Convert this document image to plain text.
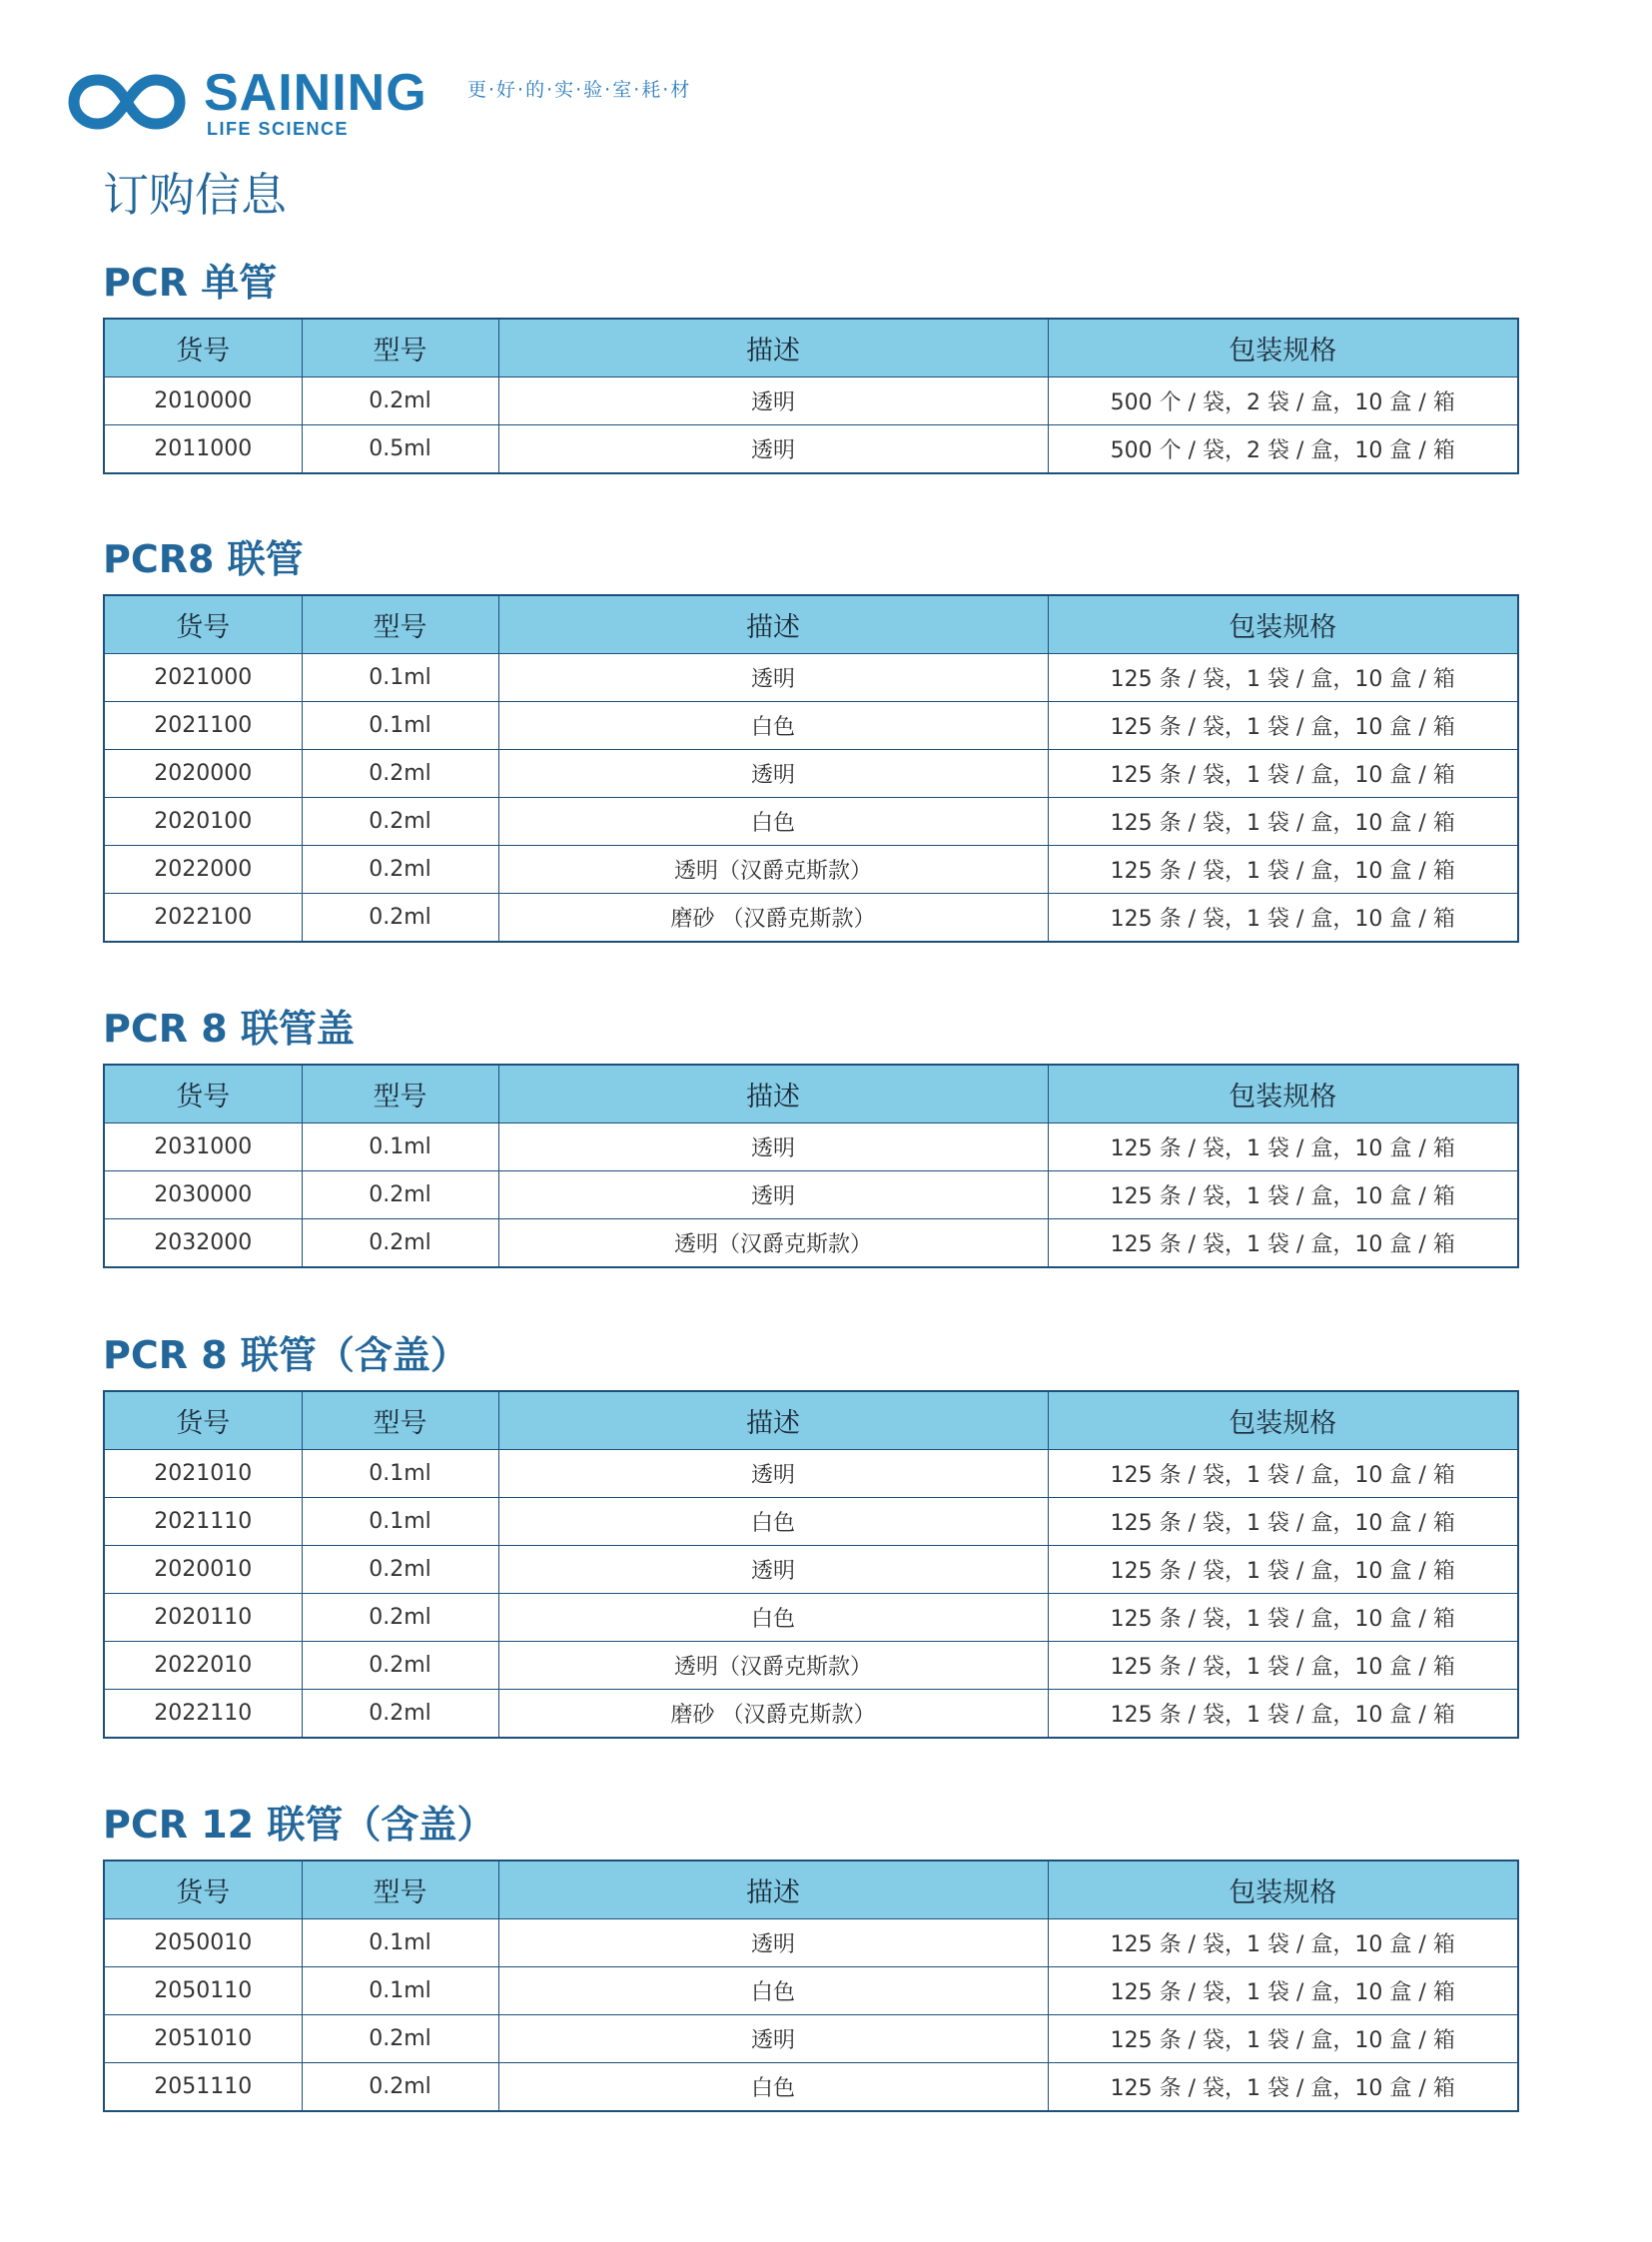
SAINING
LIFE SCIENCE
更·好·的·实·验·室·耗·材
订购信息
PCR 单管
货号	型号	描述	包装规格
2010000	0.2ml	透明	500 个 / 袋，2 袋 / 盒，10 盒 / 箱
2011000	0.5ml	透明	500 个 / 袋，2 袋 / 盒，10 盒 / 箱
PCR8 联管
货号	型号	描述	包装规格
2021000	0.1ml	透明	125 条 / 袋，1 袋 / 盒，10 盒 / 箱
2021100	0.1ml	白色	125 条 / 袋，1 袋 / 盒，10 盒 / 箱
2020000	0.2ml	透明	125 条 / 袋，1 袋 / 盒，10 盒 / 箱
2020100	0.2ml	白色	125 条 / 袋，1 袋 / 盒，10 盒 / 箱
2022000	0.2ml	透明（汉爵克斯款）	125 条 / 袋，1 袋 / 盒，10 盒 / 箱
2022100	0.2ml	磨砂 （汉爵克斯款）	125 条 / 袋，1 袋 / 盒，10 盒 / 箱
PCR 8 联管盖
货号	型号	描述	包装规格
2031000	0.1ml	透明	125 条 / 袋，1 袋 / 盒，10 盒 / 箱
2030000	0.2ml	透明	125 条 / 袋，1 袋 / 盒，10 盒 / 箱
2032000	0.2ml	透明（汉爵克斯款）	125 条 / 袋，1 袋 / 盒，10 盒 / 箱
PCR 8 联管（含盖）
货号	型号	描述	包装规格
2021010	0.1ml	透明	125 条 / 袋，1 袋 / 盒，10 盒 / 箱
2021110	0.1ml	白色	125 条 / 袋，1 袋 / 盒，10 盒 / 箱
2020010	0.2ml	透明	125 条 / 袋，1 袋 / 盒，10 盒 / 箱
2020110	0.2ml	白色	125 条 / 袋，1 袋 / 盒，10 盒 / 箱
2022010	0.2ml	透明（汉爵克斯款）	125 条 / 袋，1 袋 / 盒，10 盒 / 箱
2022110	0.2ml	磨砂 （汉爵克斯款）	125 条 / 袋，1 袋 / 盒，10 盒 / 箱
PCR 12 联管（含盖）
货号	型号	描述	包装规格
2050010	0.1ml	透明	125 条 / 袋，1 袋 / 盒，10 盒 / 箱
2050110	0.1ml	白色	125 条 / 袋，1 袋 / 盒，10 盒 / 箱
2051010	0.2ml	透明	125 条 / 袋，1 袋 / 盒，10 盒 / 箱
2051110	0.2ml	白色	125 条 / 袋，1 袋 / 盒，10 盒 / 箱
